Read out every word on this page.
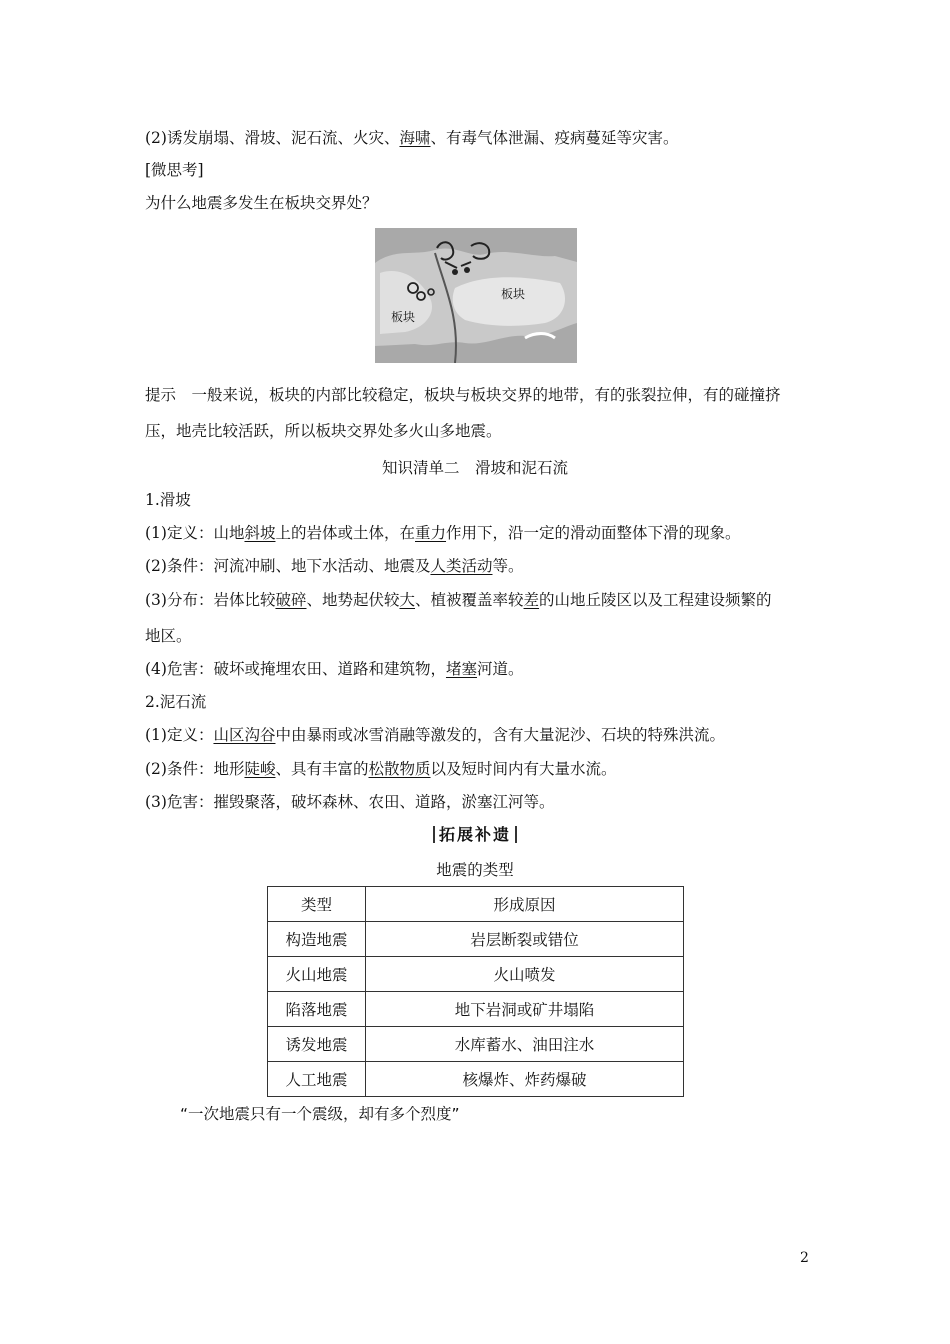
(2)诱发崩塌、滑坡、泥石流、火灾、海啸、有毒气体泄漏、疫病蔓延等灾害。
[微思考]
为什么地震多发生在板块交界处？
板块
板块
提示　一般来说，板块的内部比较稳定，板块与板块交界的地带，有的张裂拉伸，有的碰撞挤
压，地壳比较活跃，所以板块交界处多火山多地震。
知识清单二　滑坡和泥石流
1.滑坡
(1)定义：山地斜坡上的岩体或土体，在重力作用下，沿一定的滑动面整体下滑的现象。
(2)条件：河流冲刷、地下水活动、地震及人类活动等。
(3)分布：岩体比较破碎、地势起伏较大、植被覆盖率较差的山地丘陵区以及工程建设频繁的
地区。
(4)危害：破坏或掩埋农田、道路和建筑物，堵塞河道。
2.泥石流
(1)定义：山区沟谷中由暴雨或冰雪消融等激发的，含有大量泥沙、石块的特殊洪流。
(2)条件：地形陡峻、具有丰富的松散物质以及短时间内有大量水流。
(3)危害：摧毁聚落，破坏森林、农田、道路，淤塞江河等。
拓展补遗
地震的类型
类型	形成原因
构造地震	岩层断裂或错位
火山地震	火山喷发
陷落地震	地下岩洞或矿井塌陷
诱发地震	水库蓄水、油田注水
人工地震	核爆炸、炸药爆破
“一次地震只有一个震级，却有多个烈度”
2
